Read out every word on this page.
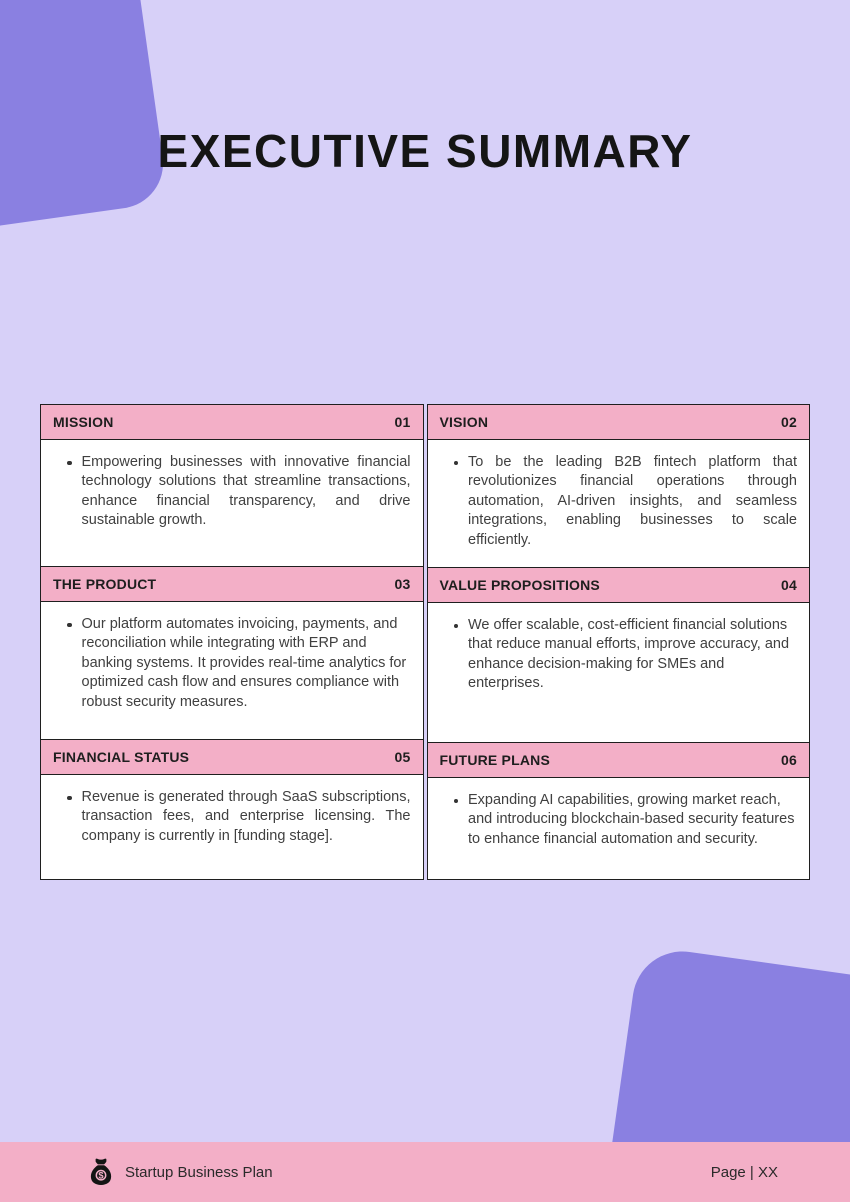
EXECUTIVE SUMMARY
MISSION	01

Empowering businesses with innovative financial technology solutions that streamline transactions, enhance financial transparency, and drive sustainable growth.

THE PRODUCT	03

Our platform automates invoicing, payments, and reconciliation while integrating with ERP and banking systems. It provides real-time analytics for optimized cash flow and ensures compliance with robust security measures.

FINANCIAL STATUS	05

Revenue is generated through SaaS subscriptions, transaction fees, and enterprise licensing. The company is currently in [funding stage].

VISION	02

To be the leading B2B fintech platform that revolutionizes financial operations through automation, AI-driven insights, and seamless integrations, enabling businesses to scale efficiently.

VALUE PROPOSITIONS	04

We offer scalable, cost-efficient financial solutions that reduce manual efforts, improve accuracy, and enhance decision-making for SMEs and enterprises.

FUTURE PLANS	06

Expanding AI capabilities, growing market reach, and introducing blockchain-based security features to enhance financial automation and security.

$ Startup Business Plan	Page | XX
